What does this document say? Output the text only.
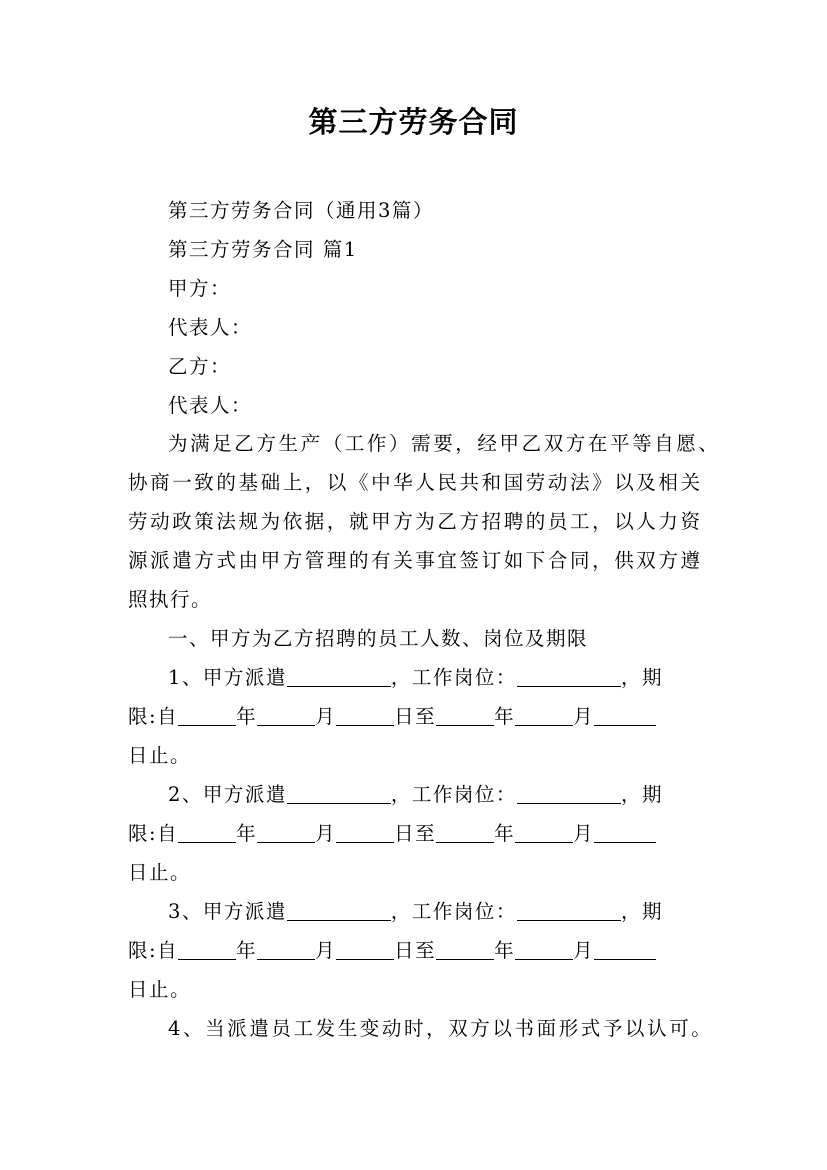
第三方劳务合同
第三方劳务合同（通用3篇）
第三方劳务合同 篇1
甲方：
代表人：
乙方：
代表人：
为满足乙方生产（工作）需要，经甲乙双方在平等自愿、
协商一致的基础上，以《中华人民共和国劳动法》以及相关
劳动政策法规为依据，就甲方为乙方招聘的员工，以人力资
源派遣方式由甲方管理的有关事宜签订如下合同，供双方遵
照执行。
一、甲方为乙方招聘的员工人数、岗位及期限
1、甲方派遣	，工作岗位：	，期
限:自	年	月	日至	年	月
日止。
2、甲方派遣	，工作岗位：	，期
限:自	年	月	日至	年	月
日止。
3、甲方派遣	，工作岗位：	，期
限:自	年	月	日至	年	月
日止。
4、当派遣员工发生变动时，双方以书面形式予以认可。
